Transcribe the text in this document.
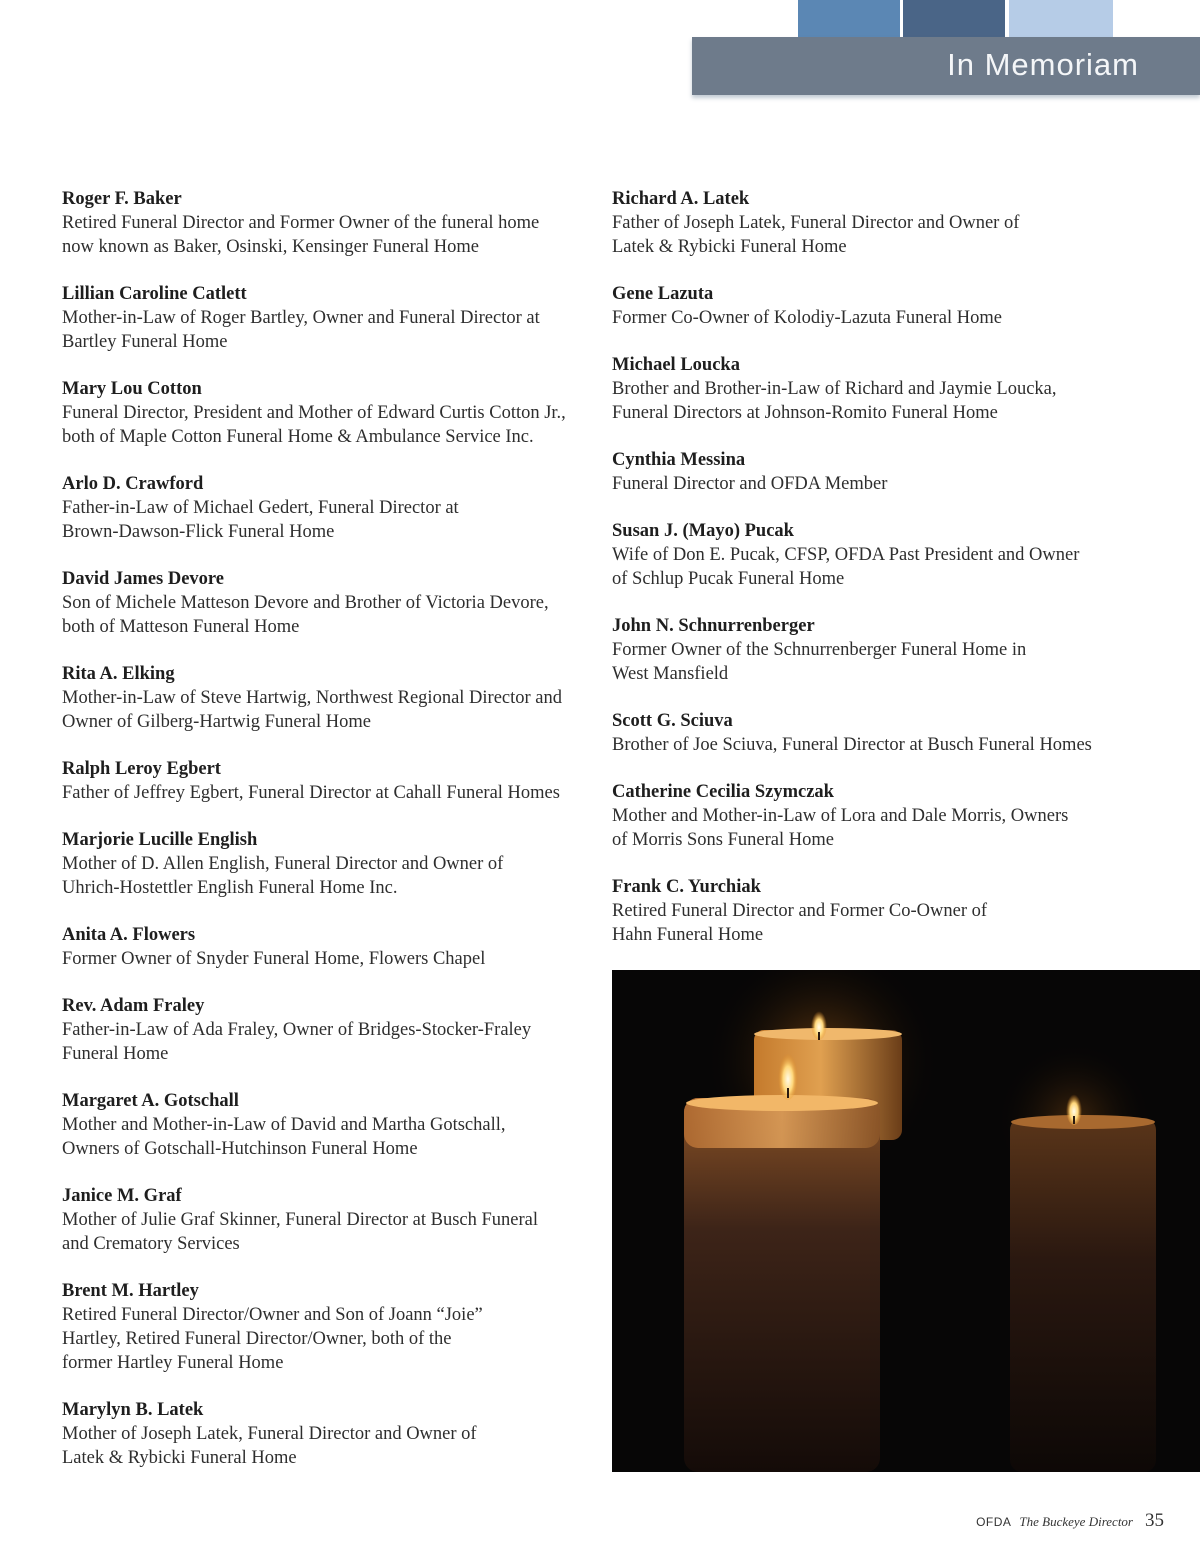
In Memoriam
Roger F. Baker
Retired Funeral Director and Former Owner of the funeral home
now known as Baker, Osinski, Kensinger Funeral Home
Lillian Caroline Catlett
Mother-in-Law of Roger Bartley, Owner and Funeral Director at
Bartley Funeral Home
Mary Lou Cotton
Funeral Director, President and Mother of Edward Curtis Cotton Jr.,
both of Maple Cotton Funeral Home & Ambulance Service Inc.
Arlo D. Crawford
Father-in-Law of Michael Gedert, Funeral Director at
Brown-Dawson-Flick Funeral Home
David James Devore
Son of Michele Matteson Devore and Brother of Victoria Devore,
both of Matteson Funeral Home
Rita A. Elking
Mother-in-Law of Steve Hartwig, Northwest Regional Director and
Owner of Gilberg-Hartwig Funeral Home
Ralph Leroy Egbert
Father of Jeffrey Egbert, Funeral Director at Cahall Funeral Homes
Marjorie Lucille English
Mother of D. Allen English, Funeral Director and Owner of
Uhrich-Hostettler English Funeral Home Inc.
Anita A. Flowers
Former Owner of Snyder Funeral Home, Flowers Chapel
Rev. Adam Fraley
Father-in-Law of Ada Fraley, Owner of Bridges-Stocker-Fraley
Funeral Home
Margaret A. Gotschall
Mother and Mother-in-Law of David and Martha Gotschall,
Owners of Gotschall-Hutchinson Funeral Home
Janice M. Graf
Mother of Julie Graf Skinner, Funeral Director at Busch Funeral
and Crematory Services
Brent M. Hartley
Retired Funeral Director/Owner and Son of Joann “Joie”
Hartley, Retired Funeral Director/Owner, both of the
former Hartley Funeral Home
Marylyn B. Latek
Mother of Joseph Latek, Funeral Director and Owner of
Latek & Rybicki Funeral Home
Richard A. Latek
Father of Joseph Latek, Funeral Director and Owner of
Latek & Rybicki Funeral Home
Gene Lazuta
Former Co-Owner of Kolodiy-Lazuta Funeral Home
Michael Loucka
Brother and Brother-in-Law of Richard and Jaymie Loucka,
Funeral Directors at Johnson-Romito Funeral Home
Cynthia Messina
Funeral Director and OFDA Member
Susan J. (Mayo) Pucak
Wife of Don E. Pucak, CFSP, OFDA Past President and Owner
of Schlup Pucak Funeral Home
John N. Schnurrenberger
Former Owner of the Schnurrenberger Funeral Home in
West Mansfield
Scott G. Sciuva
Brother of Joe Sciuva, Funeral Director at Busch Funeral Homes
Catherine Cecilia Szymczak
Mother and Mother-in-Law of Lora and Dale Morris, Owners
of Morris Sons Funeral Home
Frank C. Yurchiak
Retired Funeral Director and Former Co-Owner of
Hahn Funeral Home
OFDA The Buckeye Director 35
